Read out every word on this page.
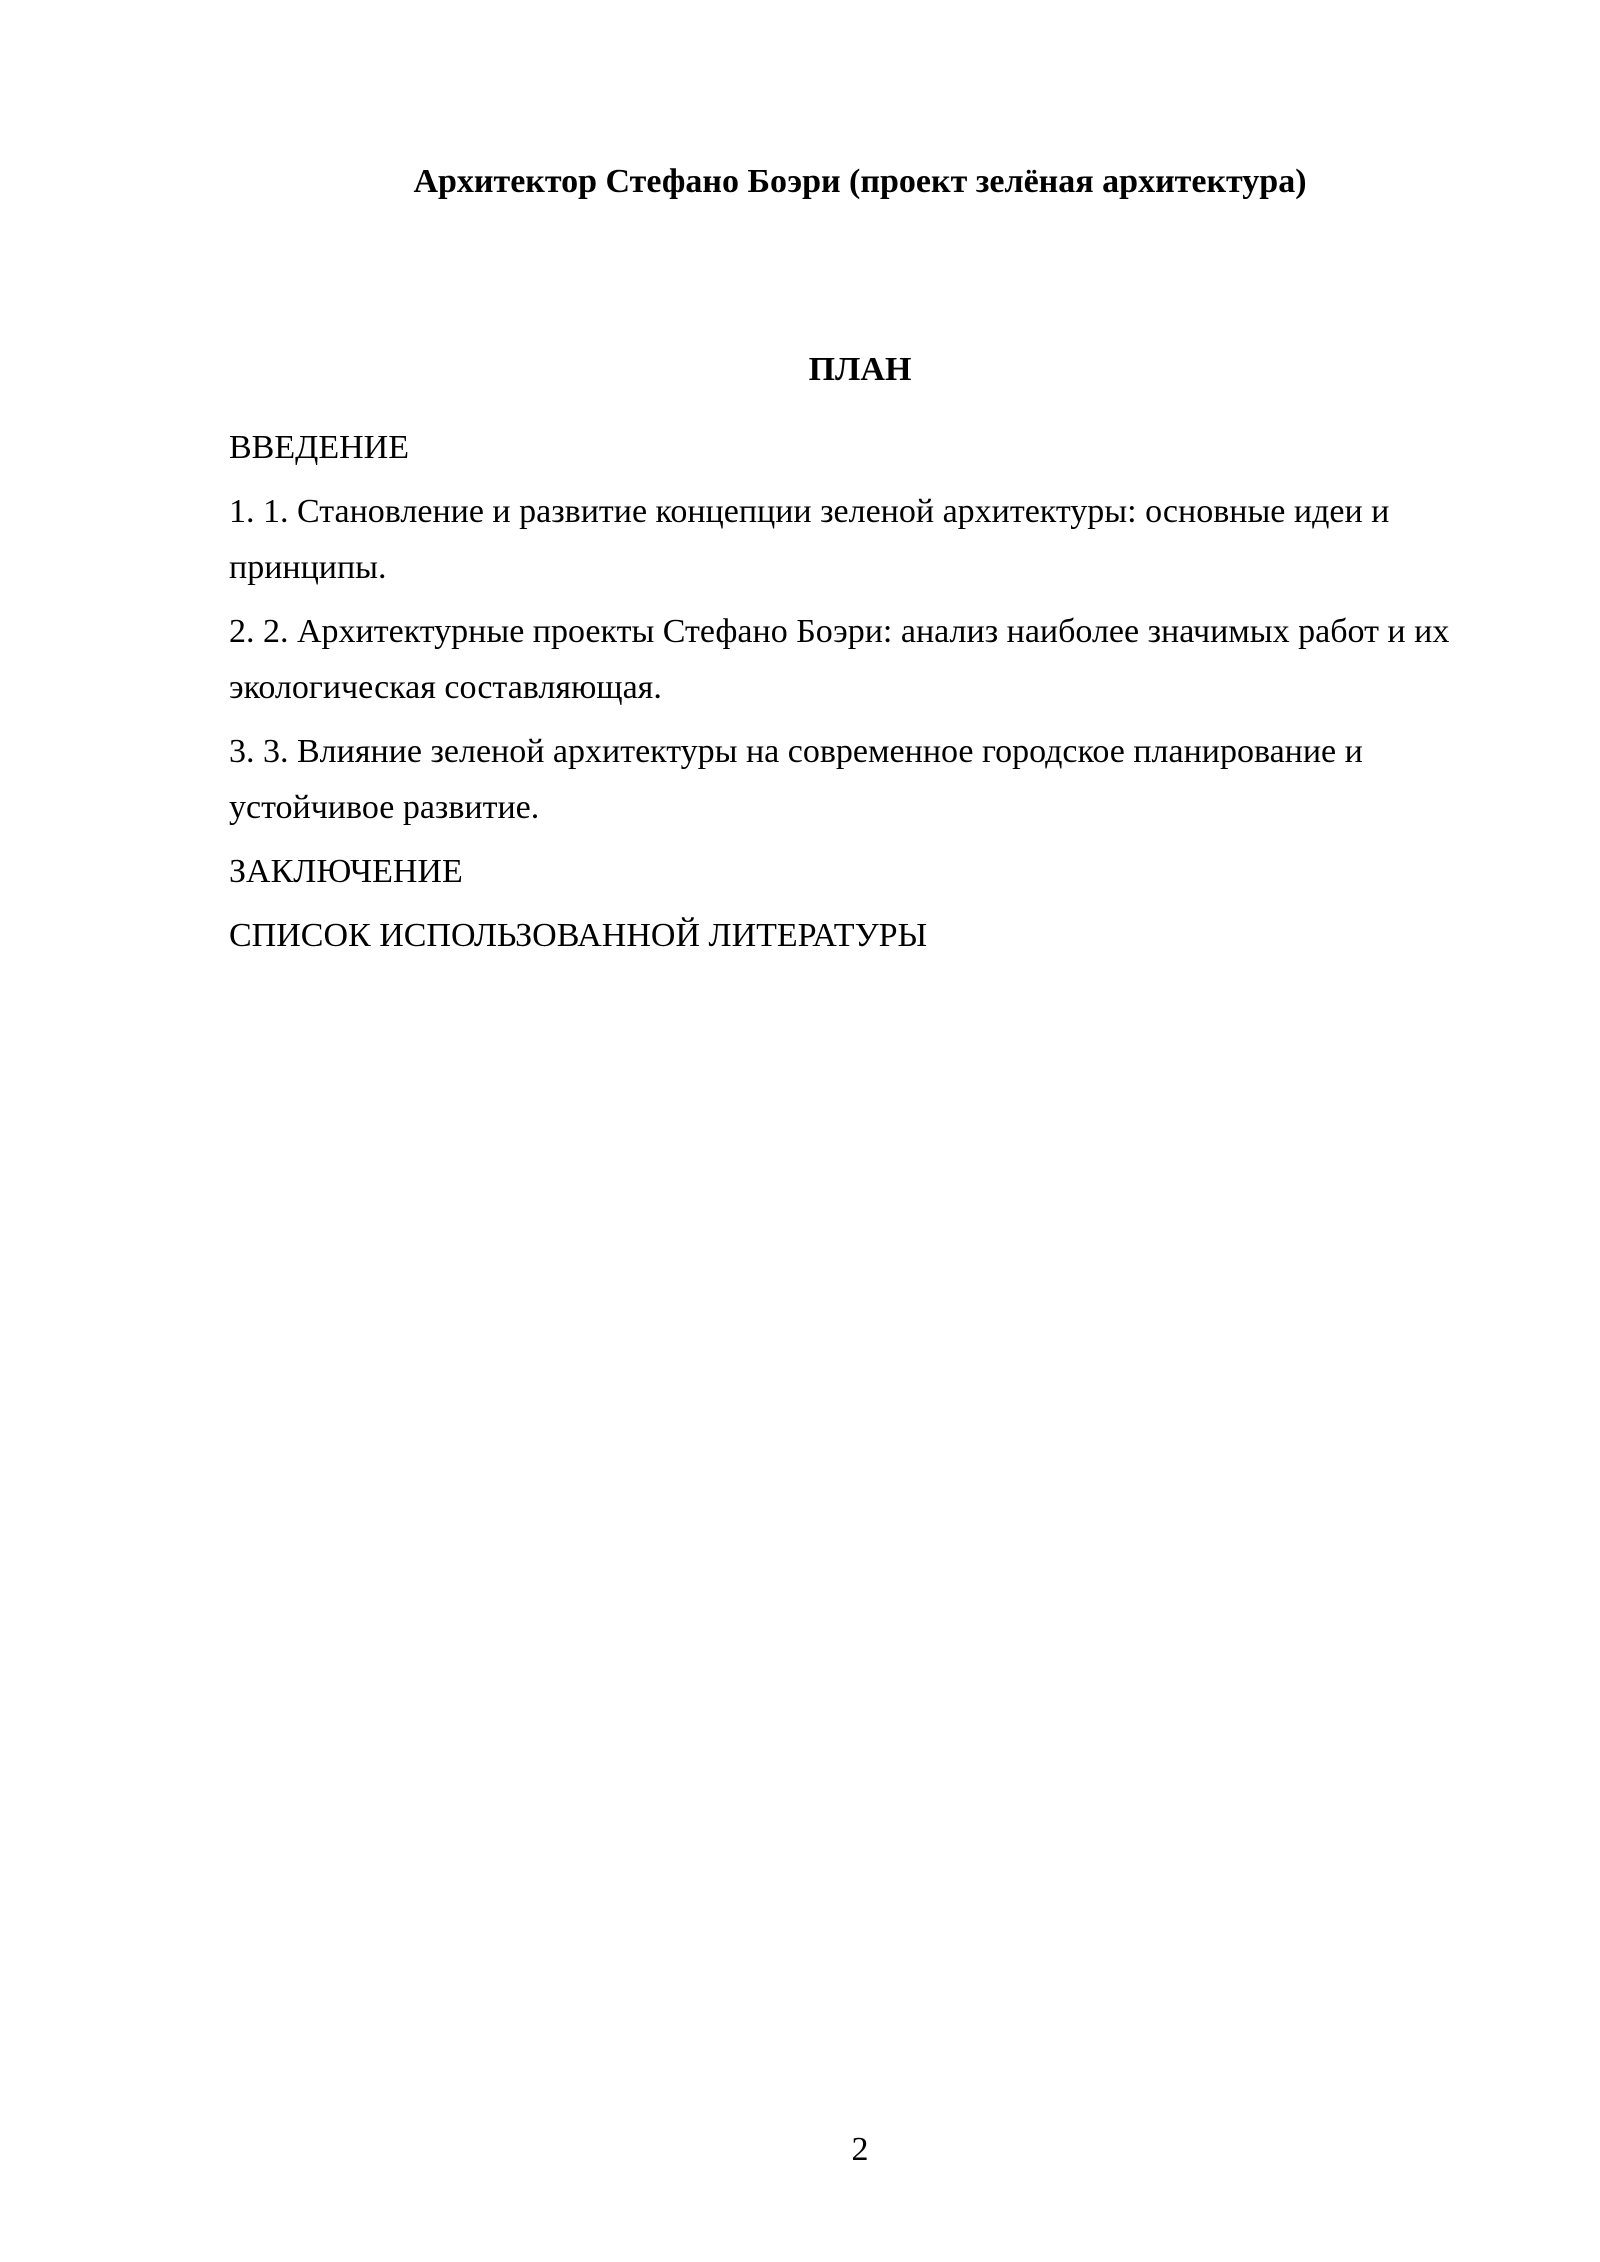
Архитектор Стефано Боэри (проект зелёная архитектура)
ПЛАН
ВВЕДЕНИЕ
1. 1. Становление и развитие концепции зеленой архитектуры: основные идеи и принципы.
2. 2. Архитектурные проекты Стефано Боэри: анализ наиболее значимых работ и их экологическая составляющая.
3. 3. Влияние зеленой архитектуры на современное городское планирование и устойчивое развитие.
ЗАКЛЮЧЕНИЕ
СПИСОК ИСПОЛЬЗОВАННОЙ ЛИТЕРАТУРЫ
2
